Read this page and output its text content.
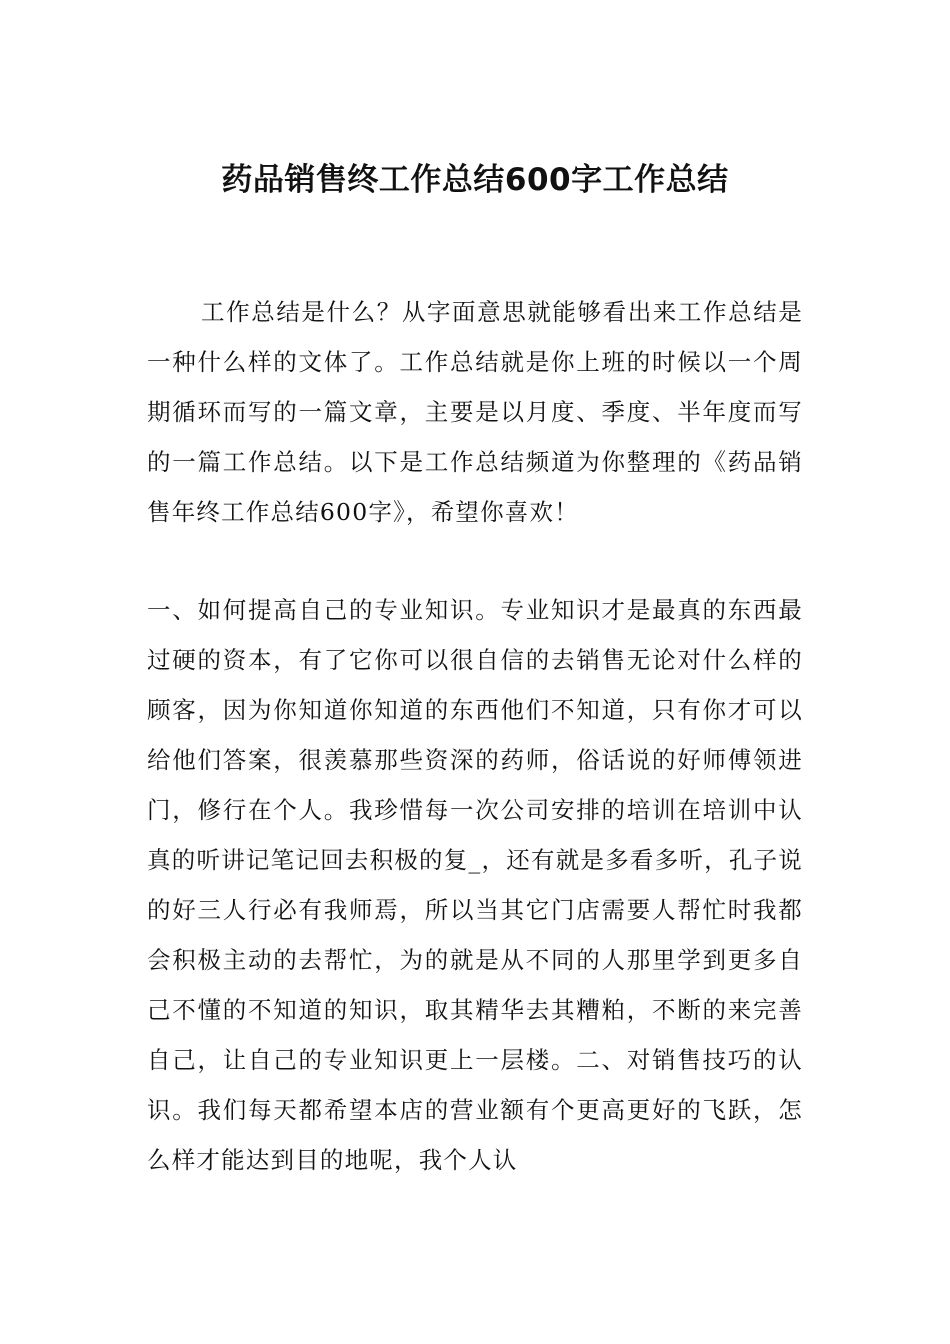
药品销售终工作总结600字工作总结

工作总结是什么？从字面意思就能够看出来工作总结是一种什么样的文体了。工作总结就是你上班的时候以一个周期循环而写的一篇文章，主要是以月度、季度、半年度而写的一篇工作总结。以下是工作总结频道为你整理的《药品销售年终工作总结600字》，希望你喜欢！

一、如何提高自己的专业知识。专业知识才是最真的东西最过硬的资本，有了它你可以很自信的去销售无论对什么样的顾客，因为你知道你知道的东西他们不知道，只有你才可以给他们答案，很羡慕那些资深的药师，俗话说的好师傅领进门，修行在个人。我珍惜每一次公司安排的培训在培训中认真的听讲记笔记回去积极的复_，还有就是多看多听，孔子说的好三人行必有我师焉，所以当其它门店需要人帮忙时我都会积极主动的去帮忙，为的就是从不同的人那里学到更多自己不懂的不知道的知识，取其精华去其糟粕，不断的来完善自己，让自己的专业知识更上一层楼。二、对销售技巧的认识。我们每天都希望本店的营业额有个更高更好的飞跃，怎么样才能达到目的地呢，我个人认
